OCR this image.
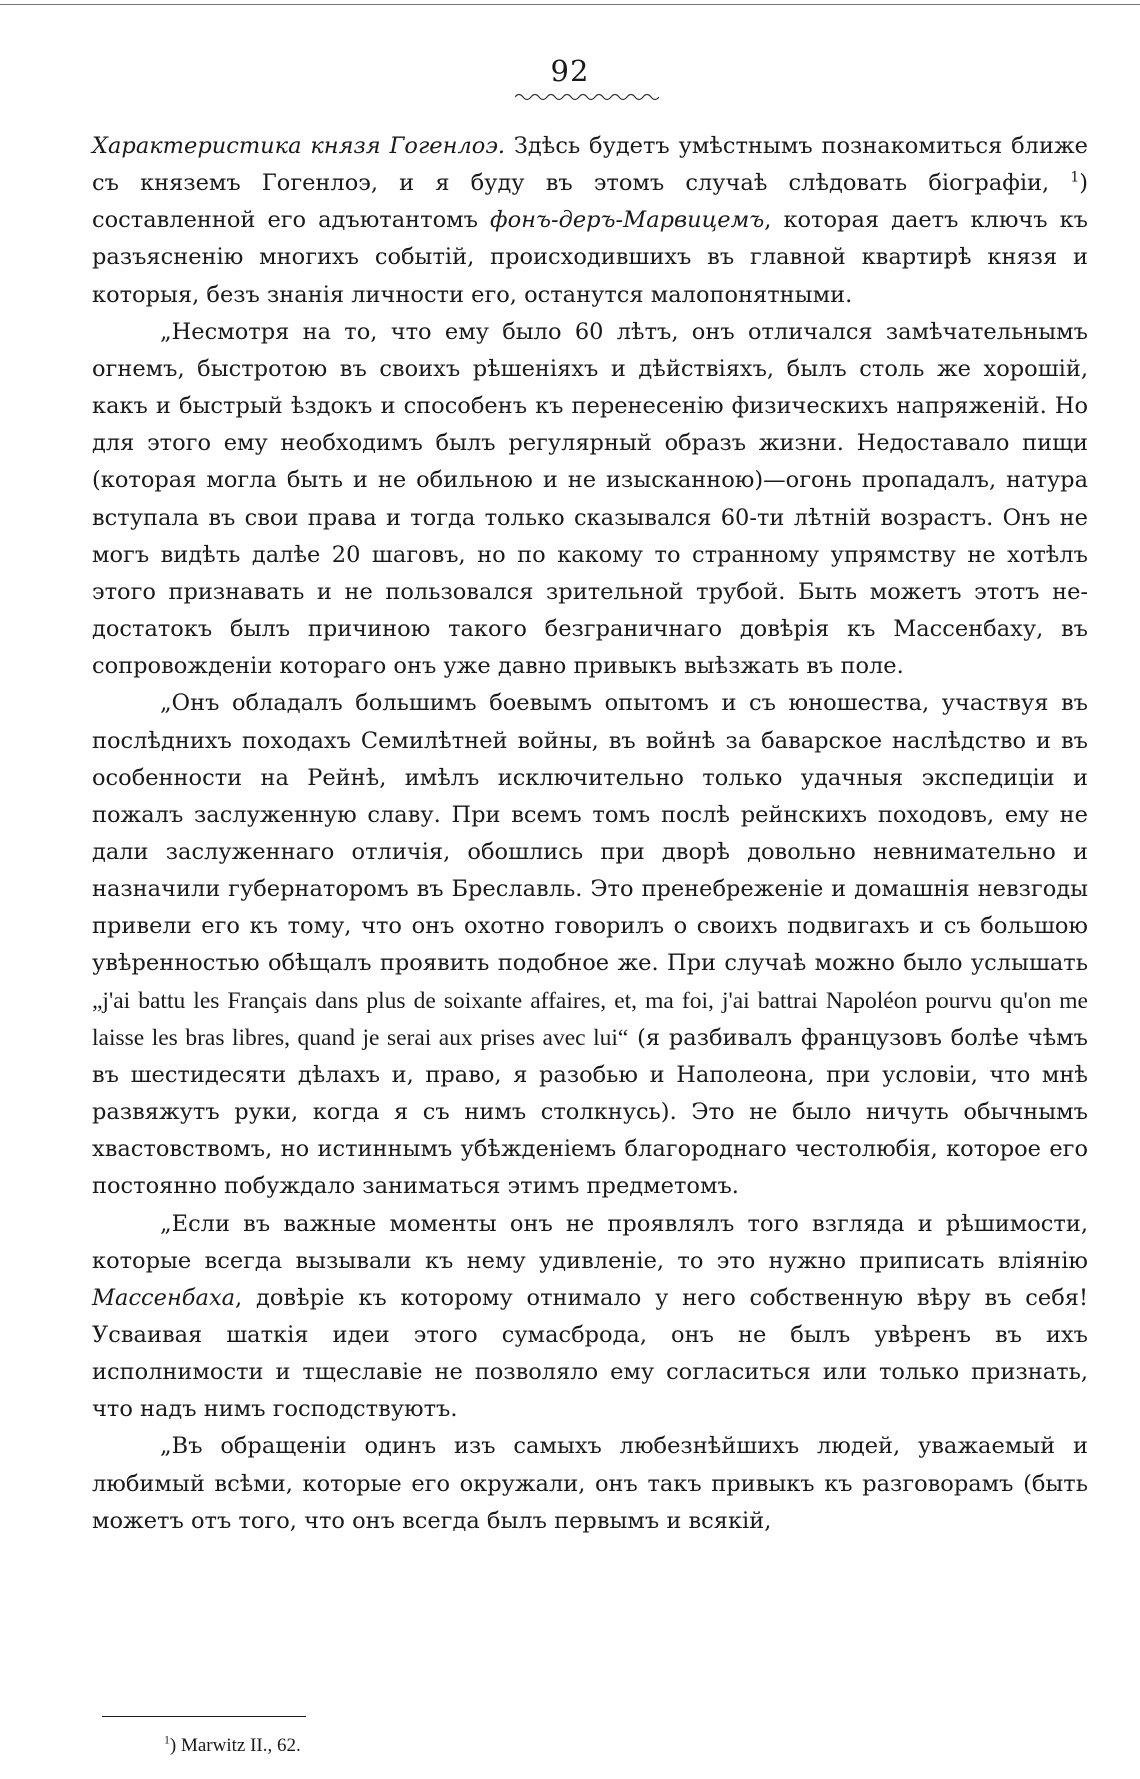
92

Характеристика князя Гогенлоэ. Здѣсь будетъ умѣстнымъ познакомиться ближе съ княземъ Гогенлоэ, и я буду въ этомъ случаѣ слѣдовать біографіи, $^1$) составленной его адъютантомъ фонъ-деръ-Марвицемъ, которая даетъ ключъ къ разъясненію многихъ событій, происходившихъ въ главной квартирѣ князя и которыя, безъ знанія личности его, останутся малопонятными.

„Несмотря на то, что ему было 60 лѣтъ, онъ отличался замѣчательнымъ огнемъ, быстротою въ своихъ рѣшеніяхъ и дѣйствіяхъ, былъ столь же хорошій, какъ и быстрый ѣздокъ и способенъ къ перенесенію физическихъ напряженій. Но для этого ему необходимъ былъ регулярный образъ жизни. Недоставало пищи (которая могла быть и не обильною и не изысканною)—огонь пропадалъ, натура вступала въ свои права и тогда только сказывался 60-ти лѣтній возрастъ. Онъ не могъ видѣть далѣе 20 шаговъ, но по какому то странному упрямству не хотѣлъ этого признавать и не пользовался зрительной трубой. Быть можетъ этотъ недостатокъ былъ причиною такого безграничнаго довѣрія къ Массенбаху, въ сопровожденіи котораго онъ уже давно привыкъ выѣзжать въ поле.

„Онъ обладалъ большимъ боевымъ опытомъ и съ юношества, участвуя въ послѣднихъ походахъ Семилѣтней войны, въ войнѣ за баварское наслѣдство и въ особенности на Рейнѣ, имѣлъ исключительно только удачныя экспедиціи и пожалъ заслуженную славу. При всемъ томъ послѣ рейнскихъ походовъ, ему не дали заслуженнаго отличія, обошлись при дворѣ довольно невнимательно и назначили губернаторомъ въ Бреславль. Это пренебреженіе и домашнія невзгоды привели его къ тому, что онъ охотно говорилъ о своихъ подвигахъ и съ большою увѣренностью обѣщалъ проявить подобное же. При случаѣ можно было услышать „j'ai battu les Français dans plus de soixante affaires, et, ma foi, j'ai battrai Napoléon pourvu qu'on me laisse les bras libres, quand je serai aux prises avec lui“ (я разбивалъ французовъ болѣе чѣмъ въ шестидесяти дѣлахъ и, право, я разобью и Наполеона, при условіи, что мнѣ развяжутъ руки, когда я съ нимъ столкнусь). Это не было ничуть обычнымъ хвастовствомъ, но истиннымъ убѣжденіемъ благороднаго честолюбія, которое его постоянно побуждало заниматься этимъ предметомъ.

„Если въ важные моменты онъ не проявлялъ того взгляда и рѣшимости, которые всегда вызывали къ нему удивленіе, то это нужно приписать вліянію Массенбаха, довѣріе къ которому отнимало у него собственную вѣру въ себя! Усваивая шаткія идеи этого сумасброда, онъ не былъ увѣренъ въ ихъ исполнимости и тщеславіе не позволяло ему согласиться или только признать, что надъ нимъ господствуютъ.

„Въ обращеніи одинъ изъ самыхъ любезнѣйшихъ людей, уважаемый и любимый всѣми, которые его окружали, онъ такъ привыкъ къ разговорамъ (быть можетъ отъ того, что онъ всегда былъ первымъ и всякій,

$^1$) Marwitz II., 62.
